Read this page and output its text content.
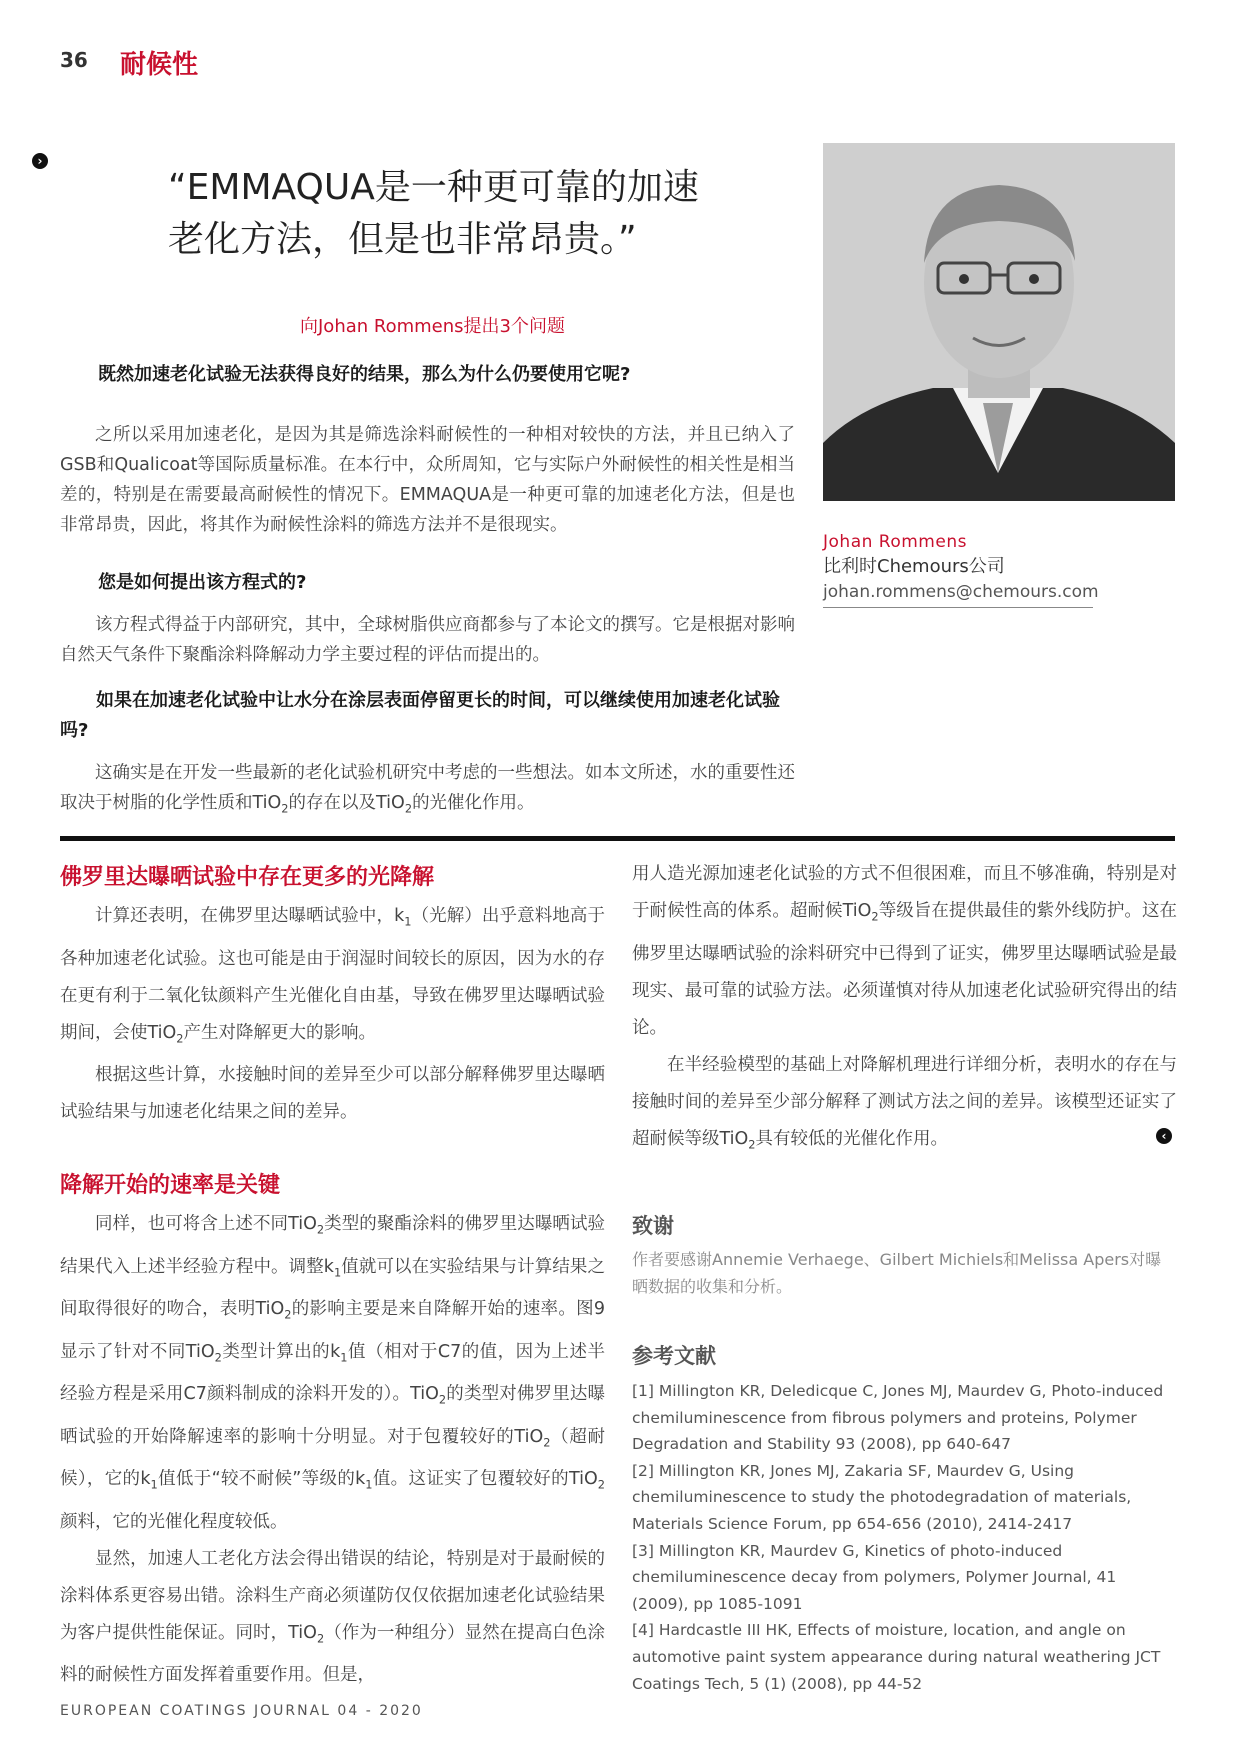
36 耐候性
›
“EMMAQUA是一种更可靠的加速
老化方法，但是也非常昂贵。”
Johan Rommens
比利时Chemours公司
johan.rommens@chemours.com
向Johan Rommens提出3个问题
既然加速老化试验无法获得良好的结果，那么为什么仍要使用它呢?
之所以采用加速老化，是因为其是筛选涂料耐候性的一种相对较快的方法，并且已纳入了GSB和Qualicoat等国际质量标准。在本行中，众所周知，它与实际户外耐候性的相关性是相当差的，特别是在需要最高耐候性的情况下。EMMAQUA是一种更可靠的加速老化方法，但是也非常昂贵，因此，将其作为耐候性涂料的筛选方法并不是很现实。
您是如何提出该方程式的?
该方程式得益于内部研究，其中，全球树脂供应商都参与了本论文的撰写。它是根据对影响自然天气条件下聚酯涂料降解动力学主要过程的评估而提出的。
如果在加速老化试验中让水分在涂层表面停留更长的时间，可以继续使用加速老化试验吗?
这确实是在开发一些最新的老化试验机研究中考虑的一些想法。如本文所述，水的重要性还取决于树脂的化学性质和TiO$_2$的存在以及TiO$_2$的光催化作用。
佛罗里达曝晒试验中存在更多的光降解

计算还表明，在佛罗里达曝晒试验中，$k_1$（光解）出乎意料地高于各种加速老化试验。这也可能是由于润湿时间较长的原因，因为水的存在更有利于二氧化钛颜料产生光催化自由基，导致在佛罗里达曝晒试验期间，会使TiO$_2$产生对降解更大的影响。

根据这些计算，水接触时间的差异至少可以部分解释佛罗里达曝晒试验结果与加速老化结果之间的差异。

降解开始的速率是关键

同样，也可将含上述不同TiO$_2$类型的聚酯涂料的佛罗里达曝晒试验结果代入上述半经验方程中。调整$k_1$值就可以在实验结果与计算结果之间取得很好的吻合，表明TiO$_2$的影响主要是来自降解开始的速率。图9显示了针对不同TiO$_2$类型计算出的$k_1$值（相对于C7的值，因为上述半经验方程是采用C7颜料制成的涂料开发的）。TiO$_2$的类型对佛罗里达曝晒试验的开始降解速率的影响十分明显。对于包覆较好的TiO$_2$（超耐候），它的$k_1$值低于“较不耐候”等级的$k_1$值。这证实了包覆较好的TiO$_2$颜料，它的光催化程度较低。

显然，加速人工老化方法会得出错误的结论，特别是对于最耐候的涂料体系更容易出错。涂料生产商必须谨防仅仅依据加速老化试验结果为客户提供性能保证。同时，TiO$_2$（作为一种组分）显然在提高白色涂料的耐候性方面发挥着重要作用。但是，

用人造光源加速老化试验的方式不但很困难，而且不够准确，特别是对于耐候性高的体系。超耐候TiO$_2$等级旨在提供最佳的紫外线防护。这在佛罗里达曝晒试验的涂料研究中已得到了证实，佛罗里达曝晒试验是最现实、最可靠的试验方法。必须谨慎对待从加速老化试验研究得出的结论。

在半经验模型的基础上对降解机理进行详细分析，表明水的存在与接触时间的差异至少部分解释了测试方法之间的差异。该模型还证实了超耐候等级TiO$_2$具有较低的光催化作用。	‹
致谢
作者要感谢Annemie Verhaege、Gilbert Michiels和Melissa Apers对曝晒数据的收集和分析。
参考文献
[1] Millington KR, Deledicque C, Jones MJ, Maurdev G, Photo-induced chemiluminescence from fibrous polymers and proteins, Polymer Degradation and Stability 93 (2008), pp 640-647
[2] Millington KR, Jones MJ, Zakaria SF, Maurdev G, Using chemiluminescence to study the photodegradation of materials, Materials Science Forum, pp 654-656 (2010), 2414-2417
[3] Millington KR, Maurdev G, Kinetics of photo-induced chemiluminescence decay from polymers, Polymer Journal, 41 (2009), pp 1085-1091
[4] Hardcastle III HK, Effects of moisture, location, and angle on automotive paint system appearance during natural weathering JCT Coatings Tech, 5 (1) (2008), pp 44-52
EUROPEAN COATINGS JOURNAL 04 - 2020
